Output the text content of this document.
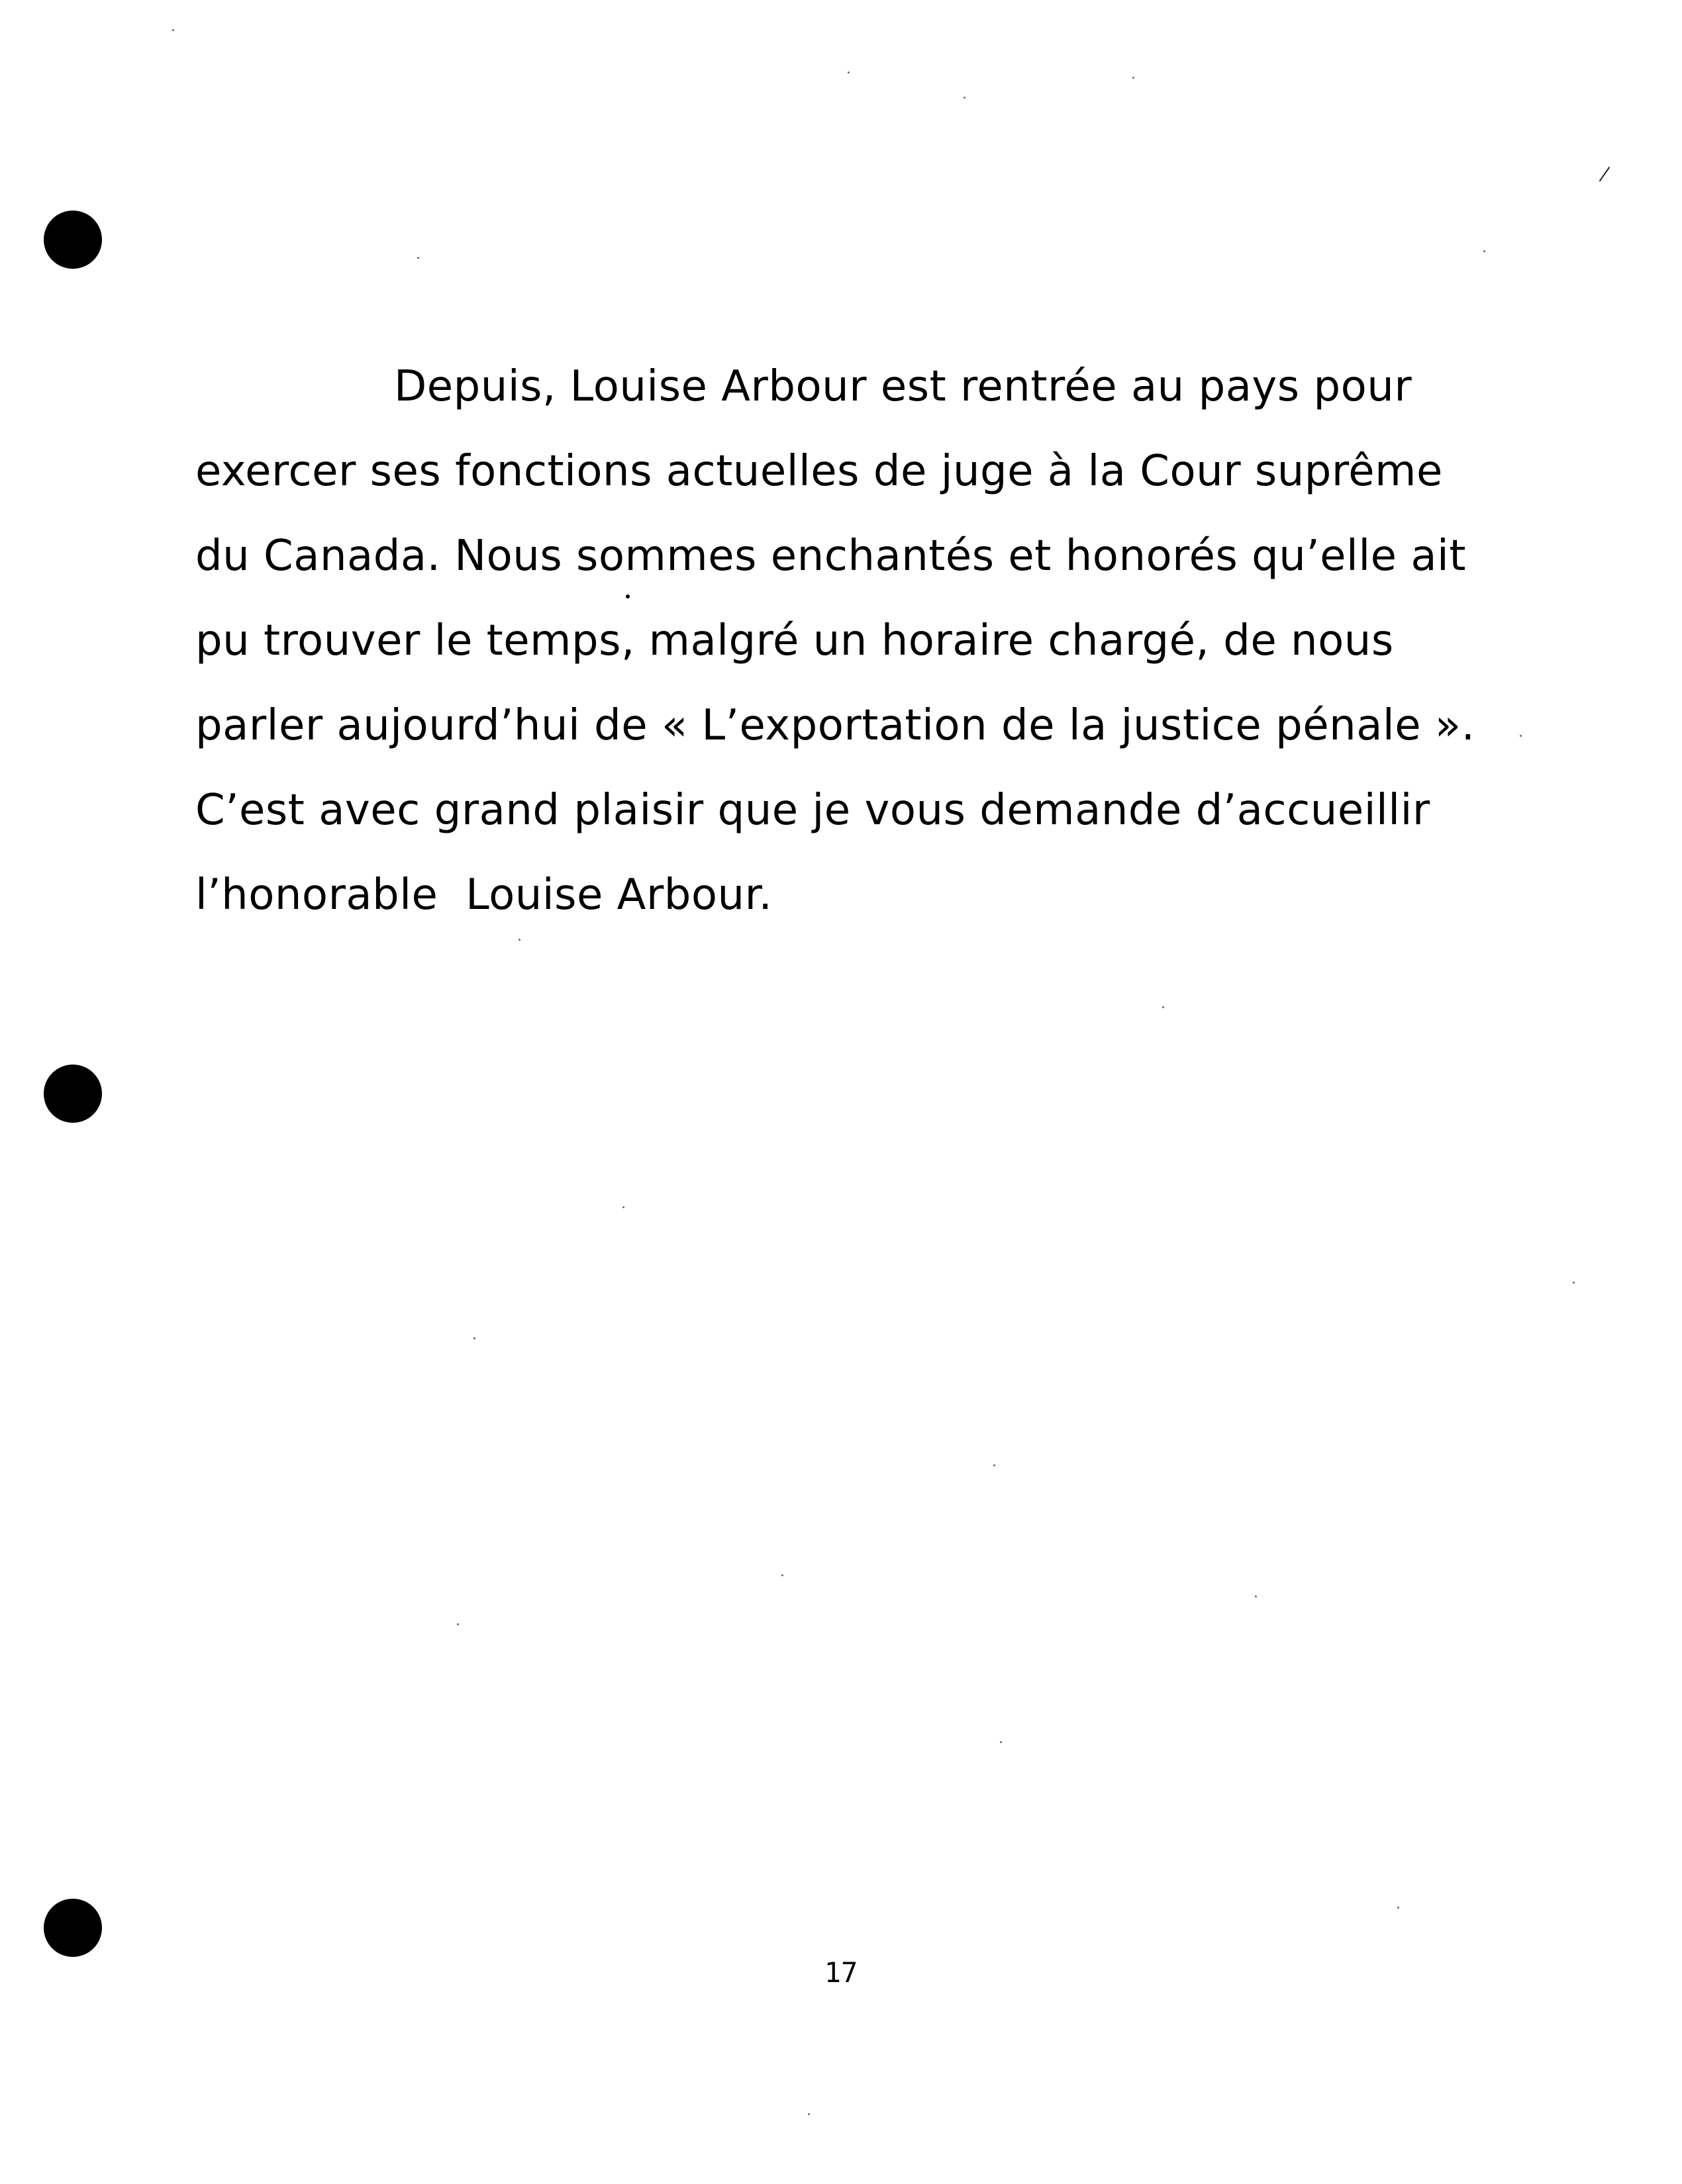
Depuis, Louise Arbour est rentrée au pays pour
exercer ses fonctions actuelles de juge à la Cour suprême
du Canada. Nous sommes enchantés et honorés qu’elle ait
pu trouver le temps, malgré un horaire chargé, de nous
parler aujourd’hui de « L’exportation de la justice pénale ».
C’est avec grand plaisir que je vous demande d’accueillir
l’honorable  Louise Arbour.

17
